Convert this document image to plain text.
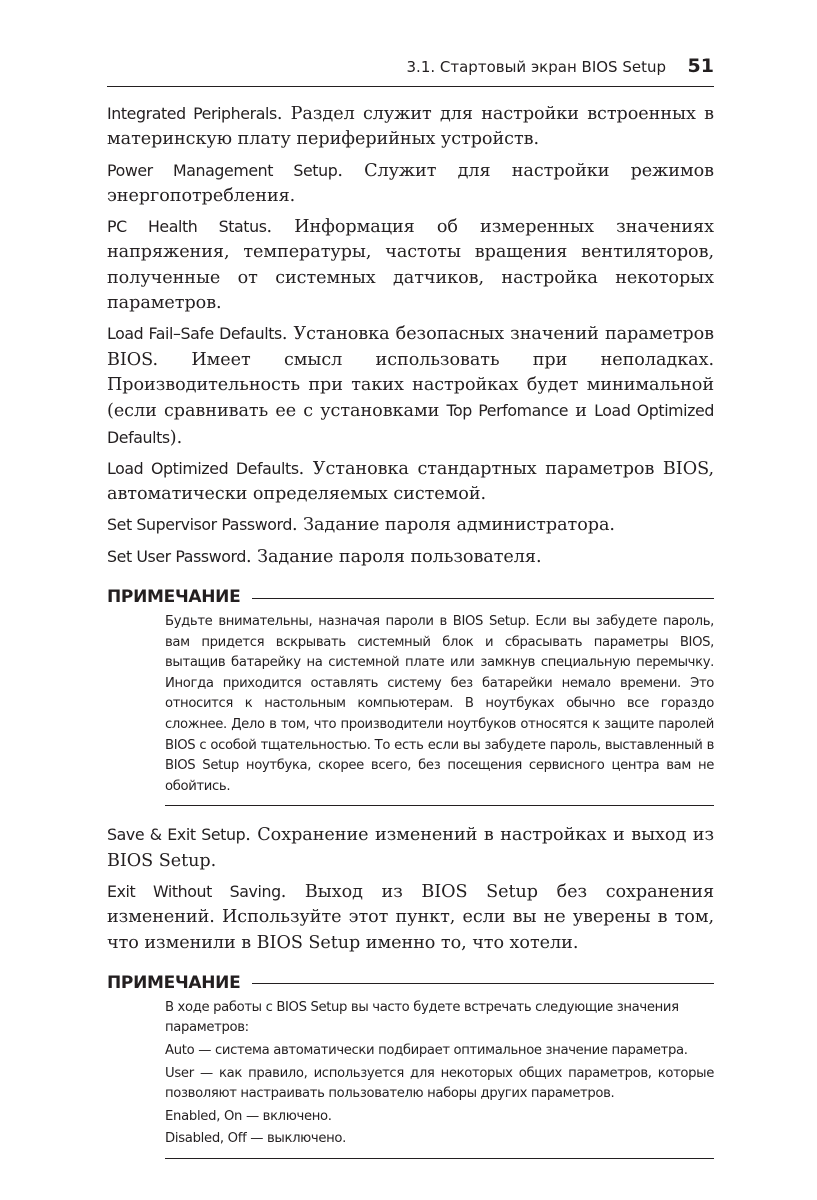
3.1. Стартовый экран BIOS Setup 51

Integrated Peripherals. Раздел служит для настройки встроенных в материнскую плату периферийных устройств.

Power Management Setup. Служит для настройки режимов энергопотребления.

PC Health Status. Информация об измеренных значениях напряжения, температуры, частоты вращения вентиляторов, полученные от системных датчиков, настройка некоторых параметров.

Load Fail–Safe Defaults. Установка безопасных значений параметров BIOS. Имеет смысл использовать при неполадках. Производительность при таких настройках будет минимальной (если сравнивать ее с установками Top Perfomance и Load Optimized Defaults).

Load Optimized Defaults. Установка стандартных параметров BIOS, автоматически определяемых системой.

Set Supervisor Password. Задание пароля администратора.

Set User Password. Задание пароля пользователя.

ПРИМЕЧАНИЕ

Будьте внимательны, назначая пароли в BIOS Setup. Если вы забудете пароль, вам придется вскрывать системный блок и сбрасывать параметры BIOS, вытащив батарейку на системной плате или замкнув специальную перемычку. Иногда приходится оставлять систему без батарейки немало времени. Это относится к настольным компьютерам. В ноутбуках обычно все гораздо сложнее. Дело в том, что производители ноутбуков относятся к защите паролей BIOS с особой тщательностью. То есть если вы забудете пароль, выставленный в BIOS Setup ноутбука, скорее всего, без посещения сервисного центра вам не обойтись.

Save & Exit Setup. Сохранение изменений в настройках и выход из BIOS Setup.

Exit Without Saving. Выход из BIOS Setup без сохранения изменений. Используйте этот пункт, если вы не уверены в том, что изменили в BIOS Setup именно то, что хотели.

ПРИМЕЧАНИЕ

В ходе работы с BIOS Setup вы часто будете встречать следующие значения параметров:

Auto — система автоматически подбирает оптимальное значение параметра.

User — как правило, используется для некоторых общих параметров, которые позволяют настраивать пользователю наборы других параметров.

Enabled, On — включено.

Disabled, Off — выключено.
